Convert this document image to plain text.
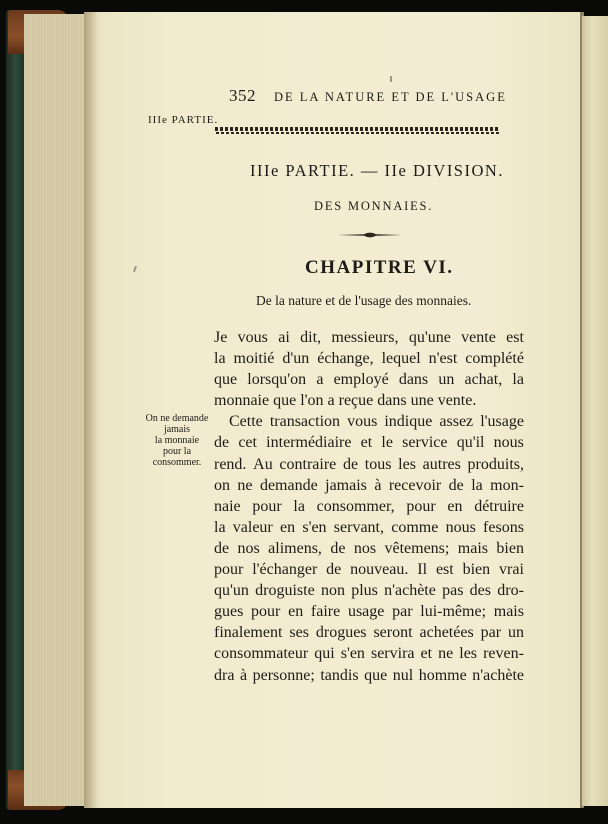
352 DE LA NATURE ET DE L'USAGE
IIIe PARTIE.
IIIe PARTIE. — IIe DIVISION.
DES MONNAIES.
CHAPITRE VI.
De la nature et de l'usage des monnaies.
On ne demande
jamais
la monnaie
pour la
consommer.
Je vous ai dit, messieurs, qu'une vente est
la moitié d'un échange, lequel n'est complété
que lorsqu'on a employé dans un achat, la
monnaie que l'on a reçue dans une vente.
Cette transaction vous indique assez l'usage
de cet intermédiaire et le service qu'il nous
rend. Au contraire de tous les autres produits,
on ne demande jamais à recevoir de la mon-
naie pour la consommer, pour en détruire
la valeur en s'en servant, comme nous fesons
de nos alimens, de nos vêtemens; mais bien
pour l'échanger de nouveau. Il est bien vrai
qu'un droguiste non plus n'achète pas des dro-
gues pour en faire usage par lui-même; mais
finalement ses drogues seront achetées par un
consommateur qui s'en servira et ne les reven-
dra à personne; tandis que nul homme n'achète
